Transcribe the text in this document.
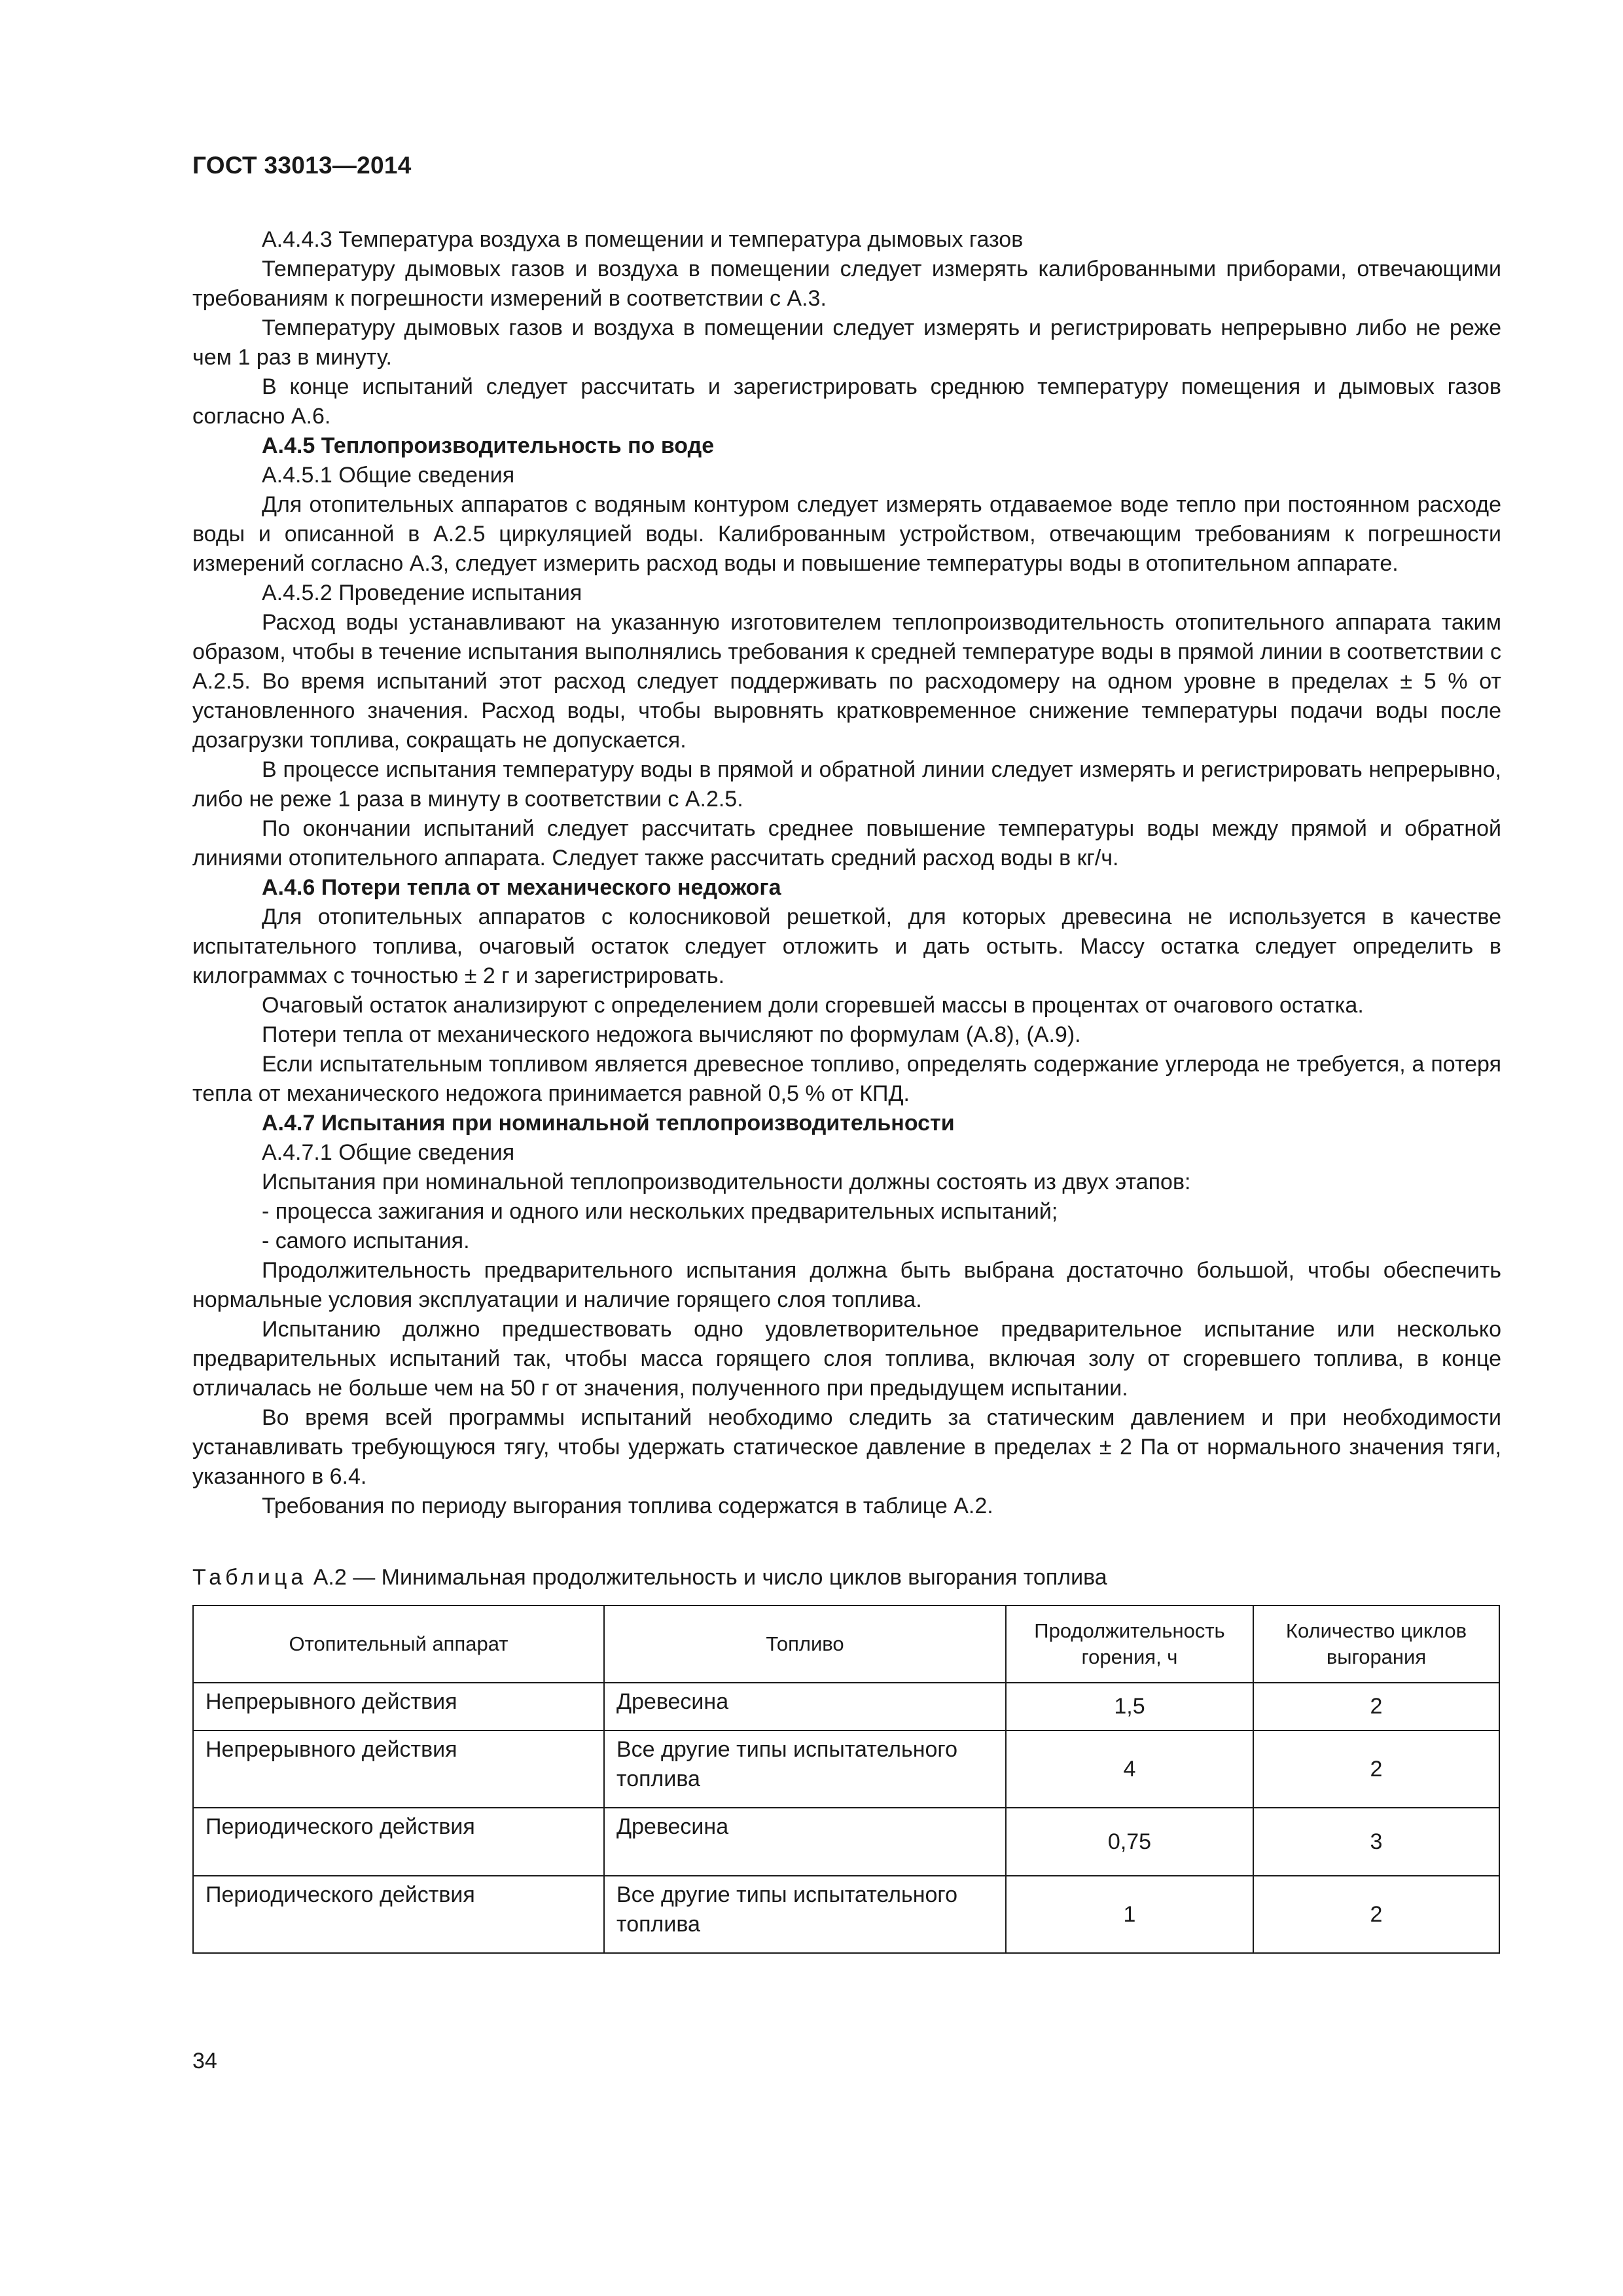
ГОСТ 33013—2014

А.4.4.3 Температура воздуха в помещении и температура дымовых газов

Температуру дымовых газов и воздуха в помещении следует измерять калиброванными приборами, отвечающими требованиям к погрешности измерений в соответствии с А.3.

Температуру дымовых газов и воздуха в помещении следует измерять и регистрировать непрерывно либо не реже чем 1 раз в минуту.

В конце испытаний следует рассчитать и зарегистрировать среднюю температуру помещения и дымовых газов согласно А.6.

А.4.5 Теплопроизводительность по воде

А.4.5.1 Общие сведения

Для отопительных аппаратов с водяным контуром следует измерять отдаваемое воде тепло при постоянном расходе воды и описанной в А.2.5 циркуляцией воды. Калиброванным устройством, отвечающим требованиям к погрешности измерений согласно А.3, следует измерить расход воды и повышение температуры воды в отопительном аппарате.

А.4.5.2 Проведение испытания

Расход воды устанавливают на указанную изготовителем теплопроизводительность отопительного аппарата таким образом, чтобы в течение испытания выполнялись требования к средней температуре воды в прямой линии в соответствии с А.2.5. Во время испытаний этот расход следует поддерживать по расходомеру на одном уровне в пределах ± 5 % от установленного значения. Расход воды, чтобы выровнять кратковременное снижение температуры подачи воды после дозагрузки топлива, сокращать не допускается.

В процессе испытания температуру воды в прямой и обратной линии следует измерять и регистрировать непрерывно, либо не реже 1 раза в минуту в соответствии с А.2.5.

По окончании испытаний следует рассчитать среднее повышение температуры воды между прямой и обратной линиями отопительного аппарата. Следует также рассчитать средний расход воды в кг/ч.

А.4.6 Потери тепла от механического недожога

Для отопительных аппаратов с колосниковой решеткой, для которых древесина не используется в качестве испытательного топлива, очаговый остаток следует отложить и дать остыть. Массу остатка следует определить в килограммах с точностью ± 2 г и зарегистрировать.

Очаговый остаток анализируют с определением доли сгоревшей массы в процентах от очагового остатка.

Потери тепла от механического недожога вычисляют по формулам (А.8), (А.9).

Если испытательным топливом является древесное топливо, определять содержание углерода не требуется, а потеря тепла от механического недожога принимается равной 0,5 % от КПД.

А.4.7 Испытания при номинальной теплопроизводительности

А.4.7.1 Общие сведения

Испытания при номинальной теплопроизводительности должны состоять из двух этапов:

- процесса зажигания и одного или нескольких предварительных испытаний;

- самого испытания.

Продолжительность предварительного испытания должна быть выбрана достаточно большой, чтобы обеспечить нормальные условия эксплуатации и наличие горящего слоя топлива.

Испытанию должно предшествовать одно удовлетворительное предварительное испытание или несколько предварительных испытаний так, чтобы масса горящего слоя топлива, включая золу от сгоревшего топлива, в конце отличалась не больше чем на 50 г от значения, полученного при предыдущем испытании.

Во время всей программы испытаний необходимо следить за статическим давлением и при необходимости устанавливать требующуюся тягу, чтобы удержать статическое давление в пределах ± 2 Па от нормального значения тяги, указанного в 6.4.

Требования по периоду выгорания топлива содержатся в таблице А.2.

Таблица А.2 — Минимальная продолжительность и число циклов выгорания топлива
Отопительный аппарат	Топливо	Продолжительность горения, ч	Количество циклов выгорания
Непрерывного действия	Древесина	1,5	2
Непрерывного действия	Все другие типы испытательного топлива	4	2
Периодического действия	Древесина	0,75	3
Периодического действия	Все другие типы испытательного топлива	1	2
34
